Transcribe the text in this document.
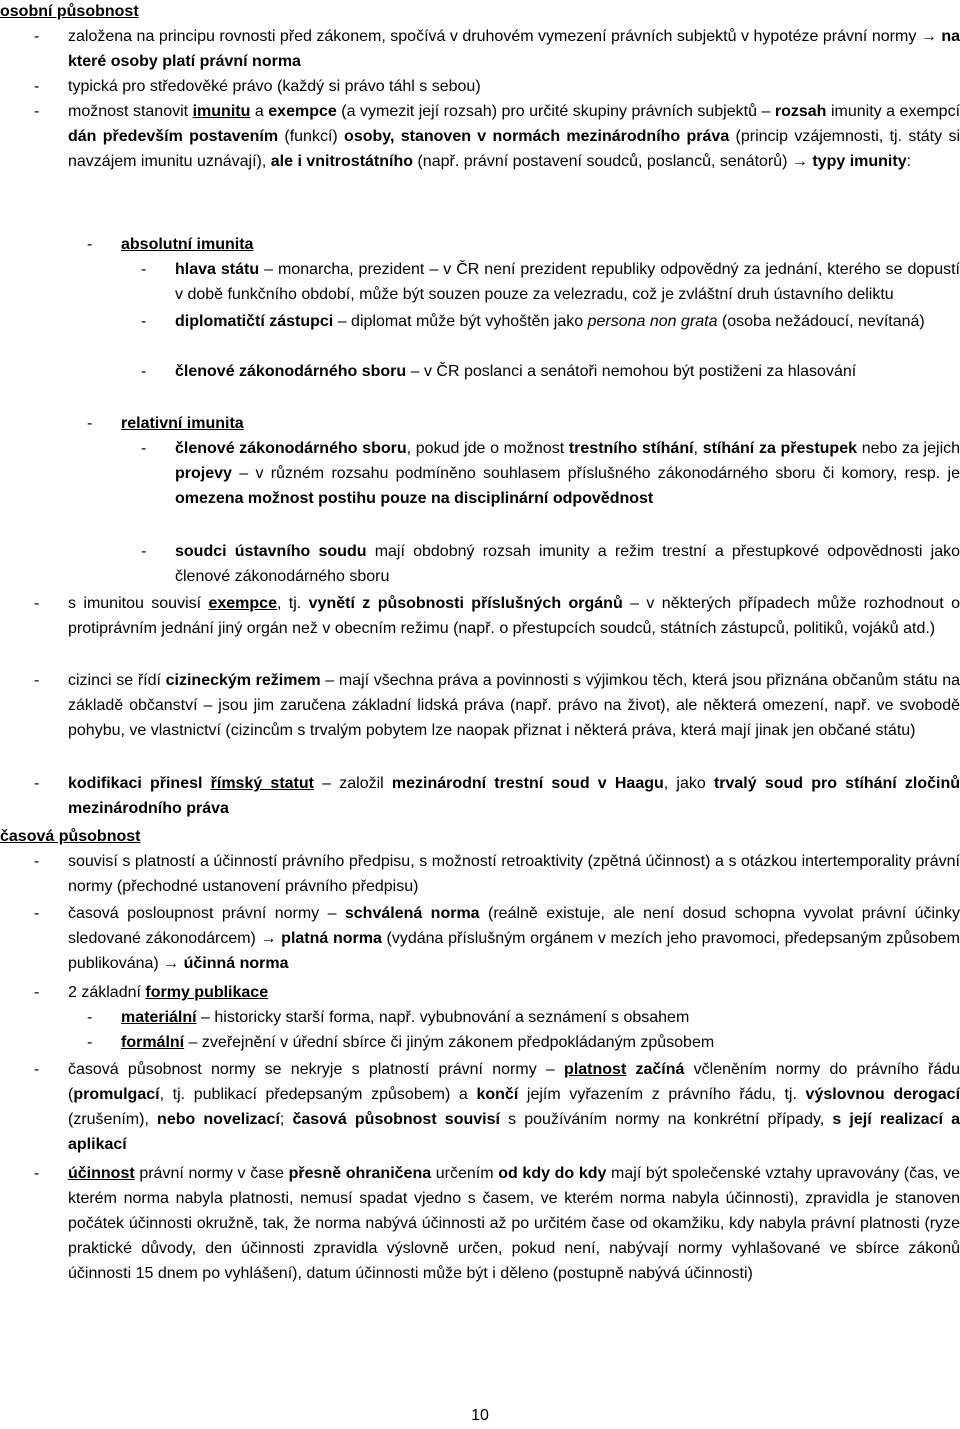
osobní působnost
- založena na principu rovnosti před zákonem, spočívá v druhovém vymezení právních subjektů v hypotéze právní normy → na které osoby platí právní norma
- typická pro středověké právo (každý si právo táhl s sebou)
- možnost stanovit imunitu a exempce (a vymezit její rozsah) pro určité skupiny právních subjektů – rozsah imunity a exempcí dán především postavením (funkcí) osoby, stanoven v normách mezinárodního práva (princip vzájemnosti, tj. státy si navzájem imunitu uznávají), ale i vnitrostátního (např. právní postavení soudců, poslanců, senátorů) → typy imunity:
- absolutní imunita
- hlava státu – monarcha, prezident – v ČR není prezident republiky odpovědný za jednání, kterého se dopustí v době funkčního období, může být souzen pouze za velezradu, což je zvláštní druh ústavního deliktu
- diplomatičtí zástupci – diplomat může být vyhoštěn jako persona non grata (osoba nežádoucí, nevítaná)
- členové zákonodárného sboru – v ČR poslanci a senátoři nemohou být postiženi za hlasování
- relativní imunita
- členové zákonodárného sboru, pokud jde o možnost trestního stíhání, stíhání za přestupek nebo za jejich projevy – v různém rozsahu podmíněno souhlasem příslušného zákonodárného sboru či komory, resp. je omezena možnost postihu pouze na disciplinární odpovědnost
- soudci ústavního soudu mají obdobný rozsah imunity a režim trestní a přestupkové odpovědnosti jako členové zákonodárného sboru
- s imunitou souvisí exempce, tj. vynětí z působnosti příslušných orgánů – v některých případech může rozhodnout o protiprávním jednání jiný orgán než v obecním režimu (např. o přestupcích soudců, státních zástupců, politiků, vojáků atd.)
- cizinci se řídí cizineckým režimem – mají všechna práva a povinnosti s výjimkou těch, která jsou přiznána občanům státu na základě občanství – jsou jim zaručena základní lidská práva (např. právo na život), ale některá omezení, např. ve svobodě pohybu, ve vlastnictví (cizincům s trvalým pobytem lze naopak přiznat i některá práva, která mají jinak jen občané státu)
- kodifikaci přinesl římský statut – založil mezinárodní trestní soud v Haagu, jako trvalý soud pro stíhání zločinů mezinárodního práva
časová působnost
- souvisí s platností a účinností právního předpisu, s možností retroaktivity (zpětná účinnost) a s otázkou intertemporality právní normy (přechodné ustanovení právního předpisu)
- časová posloupnost právní normy – schválená norma (reálně existuje, ale není dosud schopna vyvolat právní účinky sledované zákonodárcem) → platná norma (vydána příslušným orgánem v mezích jeho pravomoci, předepsaným způsobem publikována) → účinná norma
- 2 základní formy publikace
- materiální – historicky starší forma, např. vybubnování a seznámení s obsahem
- formální – zveřejnění v úřední sbírce či jiným zákonem předpokládaným způsobem
- časová působnost normy se nekryje s platností právní normy – platnost začíná včleněním normy do právního řádu (promulgací, tj. publikací předepsaným způsobem) a končí jejím vyřazením z právního řádu, tj. výslovnou derogací (zrušením), nebo novelizací; časová působnost souvisí s používáním normy na konkrétní případy, s její realizací a aplikací
- účinnost právní normy v čase přesně ohraničena určením od kdy do kdy mají být společenské vztahy upravovány (čas, ve kterém norma nabyla platnosti, nemusí spadat vjedno s časem, ve kterém norma nabyla účinnosti), zpravidla je stanoven počátek účinnosti okružně, tak, že norma nabývá účinnosti až po určitém čase od okamžiku, kdy nabyla právní platnosti (ryze praktické důvody, den účinnosti zpravidla výslovně určen, pokud není, nabývají normy vyhlašované ve sbírce zákonů účinnosti 15 dnem po vyhlášení), datum účinnosti může být i děleno (postupně nabývá účinnosti)
10
